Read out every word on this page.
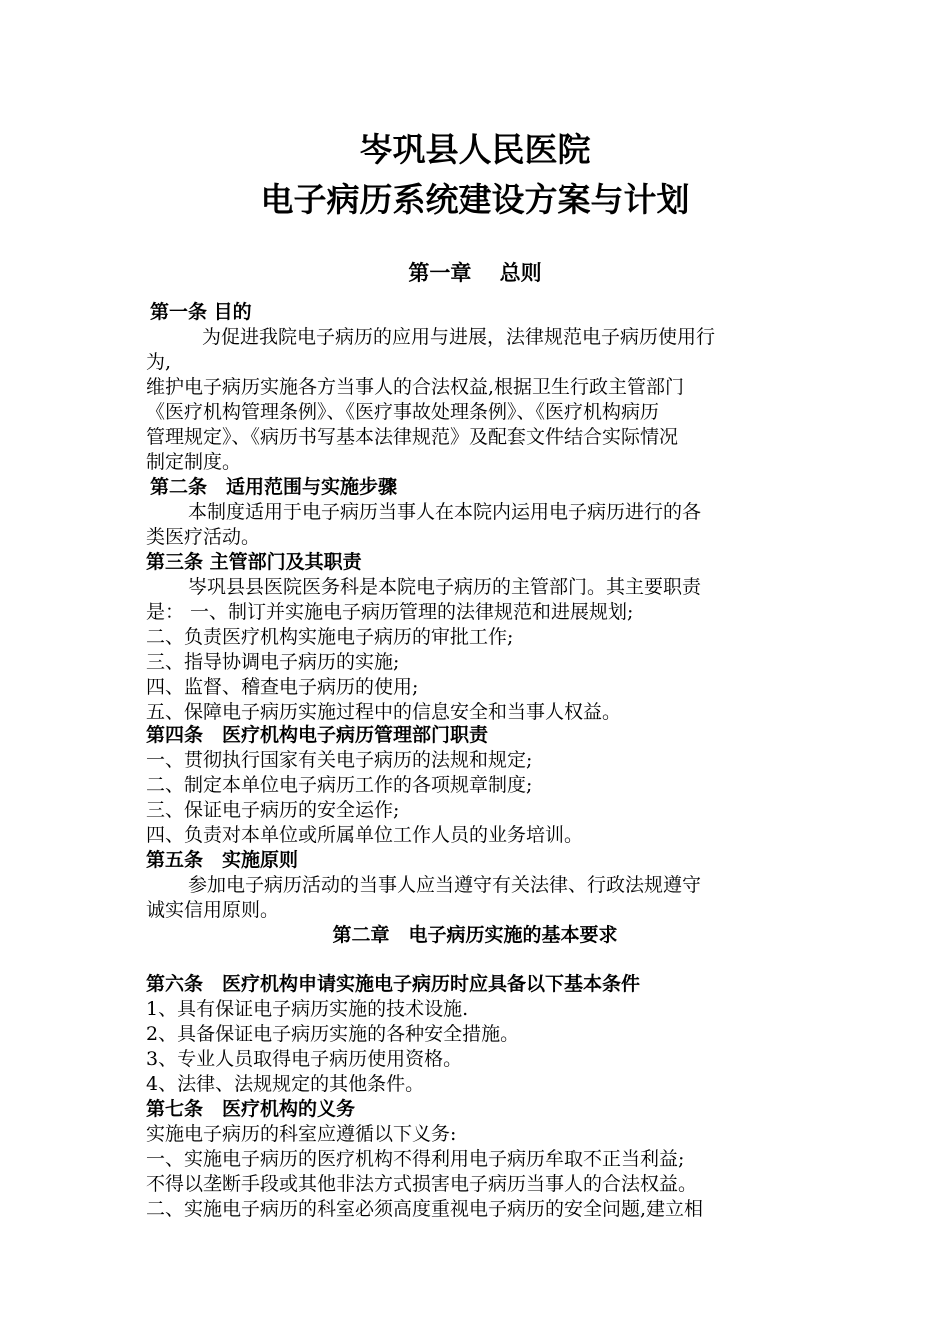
岑巩县人民医院
电子病历系统建设方案与计划

第一章　 总则

第一条 目的

为促进我院电子病历的应用与进展，法律规范电子病历使用行

为,

维护电子病历实施各方当事人的合法权益,根据卫生行政主管部门

《医疗机构管理条例》、《医疗事故处理条例》、《医疗机构病历

管理规定》、《病历书写基本法律规范》及配套文件结合实际情况

制定制度。

第二条　适用范围与实施步骤

本制度适用于电子病历当事人在本院内运用电子病历进行的各

类医疗活动。

第三条 主管部门及其职责

岑巩县县医院医务科是本院电子病历的主管部门。其主要职责

是： 一、制订并实施电子病历管理的法律规范和进展规划;

二、负责医疗机构实施电子病历的审批工作;

三、指导协调电子病历的实施;

四、监督、稽查电子病历的使用;

五、保障电子病历实施过程中的信息安全和当事人权益。

第四条　医疗机构电子病历管理部门职责

一、贯彻执行国家有关电子病历的法规和规定;

二、制定本单位电子病历工作的各项规章制度;

三、保证电子病历的安全运作;

四、负责对本单位或所属单位工作人员的业务培训。

第五条　实施原则

参加电子病历活动的当事人应当遵守有关法律、行政法规遵守

诚实信用原则。

第二章　电子病历实施的基本要求

第六条　医疗机构申请实施电子病历时应具备以下基本条件

1、具有保证电子病历实施的技术设施.

2、具备保证电子病历实施的各种安全措施。

3、专业人员取得电子病历使用资格。

4、法律、法规规定的其他条件。

第七条　医疗机构的义务

实施电子病历的科室应遵循以下义务:

一、实施电子病历的医疗机构不得利用电子病历牟取不正当利益;

不得以垄断手段或其他非法方式损害电子病历当事人的合法权益。

二、实施电子病历的科室必须高度重视电子病历的安全问题,建立相
